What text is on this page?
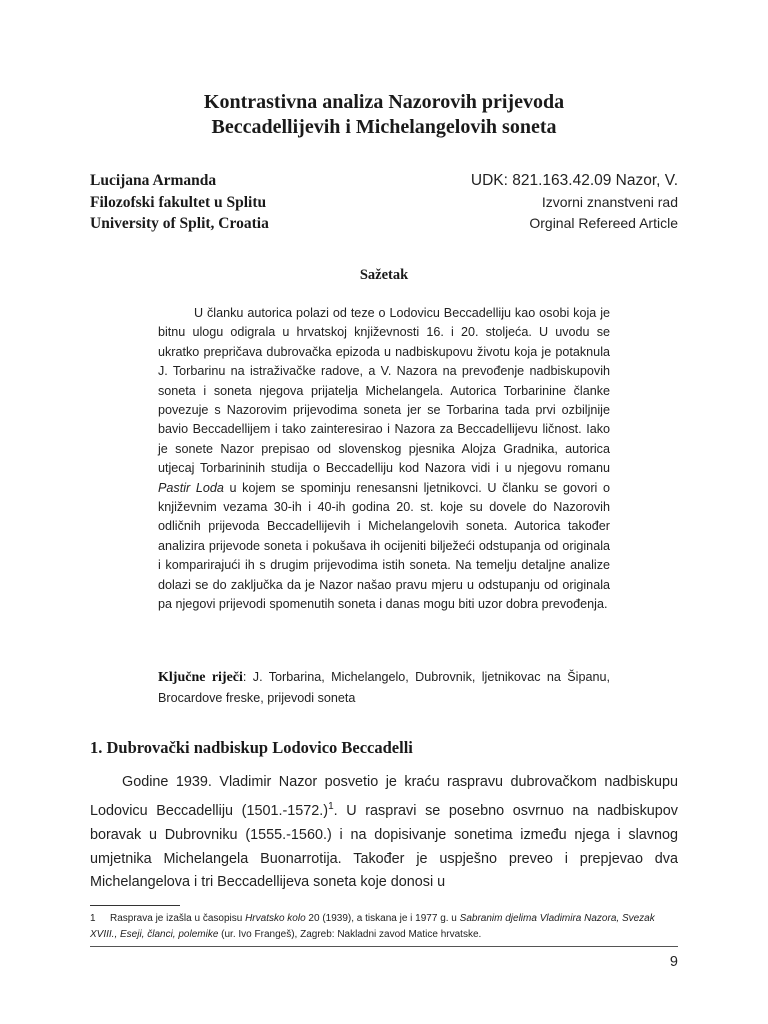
Kontrastivna analiza Nazorovih prijevoda
Beccadellijevih i Michelangelovih soneta
Lucijana Armanda
Filozofski fakultet u Splitu
University of Split, Croatia
UDK: 821.163.42.09 Nazor, V.
Izvorni znanstveni rad
Orginal Refereed Article
Sažetak

U članku autorica polazi od teze o Lodovicu Beccadelliju kao osobi koja je bitnu ulogu odigrala u hrvatskoj književnosti 16. i 20. stoljeća. U uvodu se ukratko prepričava dubrovačka epizoda u nadbiskupovu životu koja je potaknula J. Torbarinu na istraživačke radove, a V. Nazora na prevođenje nadbiskupovih soneta i soneta njegova prijatelja Michelangela. Autorica Torbarinine članke povezuje s Nazorovim prijevodima soneta jer se Torbarina tada prvi ozbiljnije bavio Beccadellijem i tako zainteresirao i Nazora za Beccadellijevu ličnost. Iako je sonete Nazor prepisao od slovenskog pjesnika Alojza Gradnika, autorica utjecaj Torbarininih studija o Beccadelliju kod Nazora vidi i u njegovu romanu Pastir Loda u kojem se spominju renesansni ljetnikovci. U članku se govori o književnim vezama 30-ih i 40-ih godina 20. st. koje su dovele do Nazorovih odličnih prijevoda Beccadellijevih i Michelangelovih soneta. Autorica također analizira prijevode soneta i pokušava ih ocijeniti bilježeći odstupanja od originala i komparirajući ih s drugim prijevodima istih soneta. Na temelju detaljne analize dolazi se do zaključka da je Nazor našao pravu mjeru u odstupanju od originala pa njegovi prijevodi spomenutih soneta i danas mogu biti uzor dobra prevođenja.

Ključne riječi: J. Torbarina, Michelangelo, Dubrovnik, ljetnikovac na Šipanu, Brocardove freske, prijevodi soneta

1. Dubrovački nadbiskup Lodovico Beccadelli

Godine 1939. Vladimir Nazor posvetio je kraću raspravu dubrovačkom nadbiskupu Lodovicu Beccadelliju $(1501.-1572.)^1$. U raspravi se posebno osvrnuo na nadbiskupov boravak u Dubrovniku (1555.-1560.) i na dopisivanje sonetima između njega i slavnog umjetnika Michelangela Buonarrotija. Također je uspješno preveo i prepjevao dva Michelangelova i tri Beccadellijeva soneta koje donosi u

1 Rasprava je izašla u časopisu Hrvatsko kolo 20 (1939), a tiskana je i 1977 g. u Sabranim djelima Vladimira Nazora, Svezak XVIII., Eseji, članci, polemike (ur. Ivo Frangeš), Zagreb: Nakladni zavod Matice hrvatske.

9
